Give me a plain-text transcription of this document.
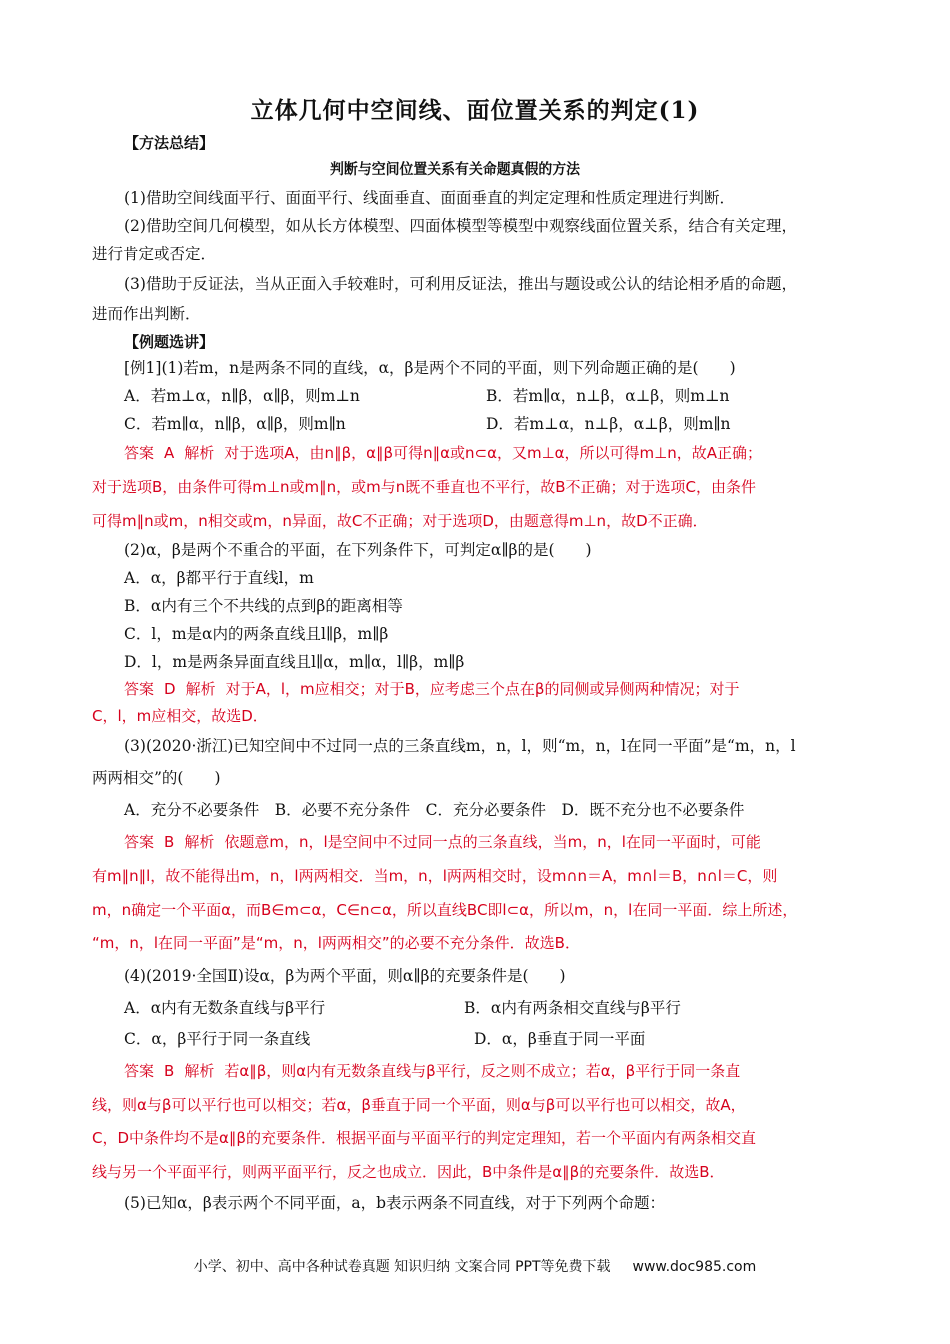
立体几何中空间线、面位置关系的判定(1)
【方法总结】
判断与空间位置关系有关命题真假的方法
(1)借助空间线面平行、面面平行、线面垂直、面面垂直的判定定理和性质定理进行判断．
(2)借助空间几何模型，如从长方体模型、四面体模型等模型中观察线面位置关系，结合有关定理，
进行肯定或否定．
(3)借助于反证法，当从正面入手较难时，可利用反证法，推出与题设或公认的结论相矛盾的命题，
进而作出判断．
【例题选讲】
[例1](1)若m，n是两条不同的直线，α，β是两个不同的平面，则下列命题正确的是(　　)
A．若m⊥α，n∥β，α∥β，则m⊥n	B．若m∥α，n⊥β，α⊥β，则m⊥n
C．若m∥α，n∥β，α∥β，则m∥n	D．若m⊥α，n⊥β，α⊥β，则m∥n
答案 A 解析 对于选项A，由n∥β，α∥β可得n∥α或n⊂α，又m⊥α，所以可得m⊥n，故A正确；
对于选项B，由条件可得m⊥n或m∥n，或m与n既不垂直也不平行，故B不正确；对于选项C，由条件
可得m∥n或m，n相交或m，n异面，故C不正确；对于选项D，由题意得m⊥n，故D不正确．
(2)α，β是两个不重合的平面，在下列条件下，可判定α∥β的是(　　)
A．α，β都平行于直线l，m
B．α内有三个不共线的点到β的距离相等
C．l，m是α内的两条直线且l∥β，m∥β
D．l，m是两条异面直线且l∥α，m∥α，l∥β，m∥β
答案 D 解析 对于A，l，m应相交；对于B，应考虑三个点在β的同侧或异侧两种情况；对于
C，l，m应相交，故选D．
(3)(2020·浙江)已知空间中不过同一点的三条直线m，n，l，则“m，n，l在同一平面”是“m，n，l
两两相交”的(　　)
A．充分不必要条件　B．必要不充分条件　C．充分必要条件　D．既不充分也不必要条件
答案 B 解析 依题意m，n，l是空间中不过同一点的三条直线，当m，n，l在同一平面时，可能
有m∥n∥l，故不能得出m，n，l两两相交．当m，n，l两两相交时，设m∩n＝A，m∩l＝B，n∩l＝C，则
m，n确定一个平面α，而B∈m⊂α，C∈n⊂α，所以直线BC即l⊂α，所以m，n，l在同一平面．综上所述，
“m，n，l在同一平面”是“m，n，l两两相交”的必要不充分条件．故选B．
(4)(2019·全国Ⅱ)设α，β为两个平面，则α∥β的充要条件是(　　)
A．α内有无数条直线与β平行	B．α内有两条相交直线与β平行
C．α，β平行于同一条直线	D．α，β垂直于同一平面
答案 B 解析 若α∥β，则α内有无数条直线与β平行，反之则不成立；若α，β平行于同一条直
线，则α与β可以平行也可以相交；若α，β垂直于同一个平面，则α与β可以平行也可以相交，故A，
C，D中条件均不是α∥β的充要条件．根据平面与平面平行的判定定理知，若一个平面内有两条相交直
线与另一个平面平行，则两平面平行，反之也成立．因此，B中条件是α∥β的充要条件．故选B．
(5)已知α，β表示两个不同平面，a，b表示两条不同直线，对于下列两个命题：
小学、初中、高中各种试卷真题 知识归纳 文案合同 PPT等免费下载 www.doc985.com
